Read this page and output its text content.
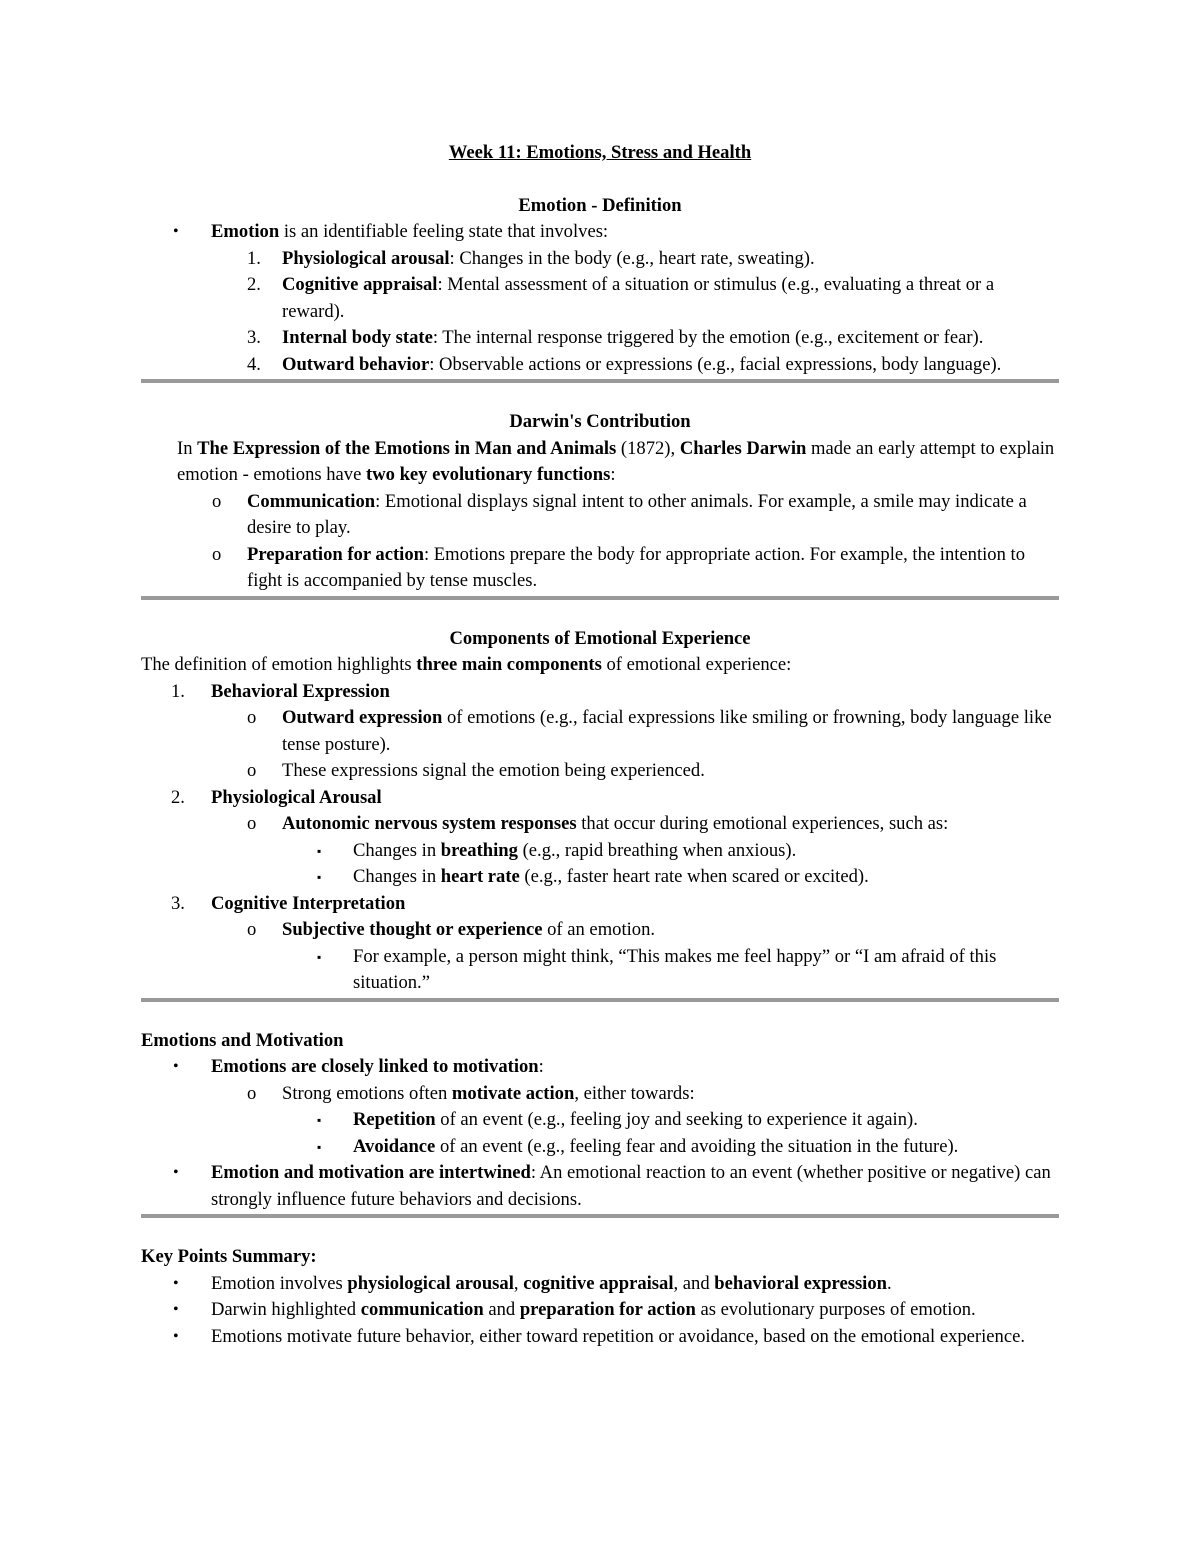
Week 11: Emotions, Stress and Health
Emotion - Definition
• Emotion is an identifiable feeling state that involves:
1. Physiological arousal: Changes in the body (e.g., heart rate, sweating).
2. Cognitive appraisal: Mental assessment of a situation or stimulus (e.g., evaluating a threat or a reward).
3. Internal body state: The internal response triggered by the emotion (e.g., excitement or fear).
4. Outward behavior: Observable actions or expressions (e.g., facial expressions, body language).
Darwin's Contribution
In The Expression of the Emotions in Man and Animals (1872), Charles Darwin made an early attempt to explain emotion - emotions have two key evolutionary functions:
o Communication: Emotional displays signal intent to other animals. For example, a smile may indicate a desire to play.
o Preparation for action: Emotions prepare the body for appropriate action. For example, the intention to fight is accompanied by tense muscles.
Components of Emotional Experience
The definition of emotion highlights three main components of emotional experience:
1. Behavioral Expression
o Outward expression of emotions (e.g., facial expressions like smiling or frowning, body language like tense posture).
o These expressions signal the emotion being experienced.
2. Physiological Arousal
o Autonomic nervous system responses that occur during emotional experiences, such as:
▪ Changes in breathing (e.g., rapid breathing when anxious).
▪ Changes in heart rate (e.g., faster heart rate when scared or excited).
3. Cognitive Interpretation
o Subjective thought or experience of an emotion.
▪ For example, a person might think, “This makes me feel happy” or “I am afraid of this situation.”
Emotions and Motivation
• Emotions are closely linked to motivation:
o Strong emotions often motivate action, either towards:
▪ Repetition of an event (e.g., feeling joy and seeking to experience it again).
▪ Avoidance of an event (e.g., feeling fear and avoiding the situation in the future).
• Emotion and motivation are intertwined: An emotional reaction to an event (whether positive or negative) can strongly influence future behaviors and decisions.
Key Points Summary:
• Emotion involves physiological arousal, cognitive appraisal, and behavioral expression.
• Darwin highlighted communication and preparation for action as evolutionary purposes of emotion.
• Emotions motivate future behavior, either toward repetition or avoidance, based on the emotional experience.
